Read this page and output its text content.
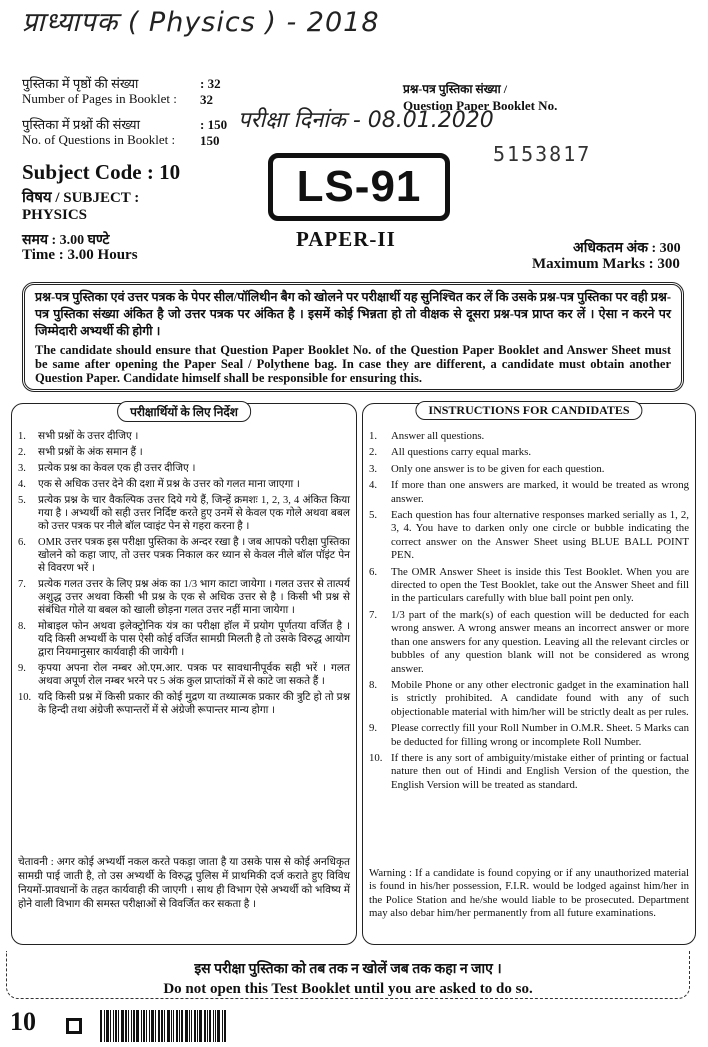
प्राध्यापक ( Physics ) - 2018
पुस्तिका में पृष्ठों की संख्या	: 32
Number of Pages in Booklet :	32
पुस्तिका में प्रश्नों की संख्या	: 150
No. of Questions in Booklet :	150
Subject Code : 10
विषय / SUBJECT :
PHYSICS
समय : 3.00 घण्टे
Time : 3.00 Hours
प्रश्न-पत्र पुस्तिका संख्या /
Question Paper Booklet No.
परीक्षा दिनांक - 08.01.2020
5153817
LS-91
PAPER-II	अधिकतम अंक : 300
Maximum Marks : 300
प्रश्न-पत्र पुस्तिका एवं उत्तर पत्रक के पेपर सील/पॉलिथीन बैग को खोलने पर परीक्षार्थी यह सुनिश्चित कर लें कि उसके प्रश्न-पत्र पुस्तिका पर वही प्रश्न-पत्र पुस्तिका संख्या अंकित है जो उत्तर पत्रक पर अंकित है । इसमें कोई भिन्नता हो तो वीक्षक से दूसरा प्रश्न-पत्र प्राप्त कर लें । ऐसा न करने पर जिम्मेदारी अभ्यर्थी की होगी ।
The candidate should ensure that Question Paper Booklet No. of the Question Paper Booklet and Answer Sheet must be same after opening the Paper Seal / Polythene bag. In case they are different, a candidate must obtain another Question Paper. Candidate himself shall be responsible for ensuring this.
परीक्षार्थियों के लिए निर्देश
1. सभी प्रश्नों के उत्तर दीजिए ।
2. सभी प्रश्नों के अंक समान हैं ।
3. प्रत्येक प्रश्न का केवल एक ही उत्तर दीजिए ।
4. एक से अधिक उत्तर देने की दशा में प्रश्न के उत्तर को गलत माना जाएगा ।
5. प्रत्येक प्रश्न के चार वैकल्पिक उत्तर दिये गये हैं, जिन्हें क्रमशः 1, 2, 3, 4 अंकित किया गया है । अभ्यर्थी को सही उत्तर निर्दिष्ट करते हुए उनमें से केवल एक गोले अथवा बबल को उत्तर पत्रक पर नीले बॉल प्वाइंट पेन से गहरा करना है ।
6. OMR उत्तर पत्रक इस परीक्षा पुस्तिका के अन्दर रखा है । जब आपको परीक्षा पुस्तिका खोलने को कहा जाए, तो उत्तर पत्रक निकाल कर ध्यान से केवल नीले बॉल पॉइंट पेन से विवरण भरें ।
7. प्रत्येक गलत उत्तर के लिए प्रश्न अंक का 1/3 भाग काटा जायेगा । गलत उत्तर से तात्पर्य अशुद्ध उत्तर अथवा किसी भी प्रश्न के एक से अधिक उत्तर से है । किसी भी प्रश्न से संबंधित गोले या बबल को खाली छोड़ना गलत उत्तर नहीं माना जायेगा ।
8. मोबाइल फोन अथवा इलेक्ट्रोनिक यंत्र का परीक्षा हॉल में प्रयोग पूर्णतया वर्जित है । यदि किसी अभ्यर्थी के पास ऐसी कोई वर्जित सामग्री मिलती है तो उसके विरुद्ध आयोग द्वारा नियमानुसार कार्यवाही की जायेगी ।
9. कृपया अपना रोल नम्बर ओ.एम.आर. पत्रक पर सावधानीपूर्वक सही भरें । गलत अथवा अपूर्ण रोल नम्बर भरने पर 5 अंक कुल प्राप्तांकों में से काटे जा सकते हैं ।
10. यदि किसी प्रश्न में किसी प्रकार की कोई मुद्रण या तथ्यात्मक प्रकार की त्रुटि हो तो प्रश्न के हिन्दी तथा अंग्रेजी रूपान्तरों में से अंग्रेजी रूपान्तर मान्य होगा ।
चेतावनी : अगर कोई अभ्यर्थी नकल करते पकड़ा जाता है या उसके पास से कोई अनधिकृत सामग्री पाई जाती है, तो उस अभ्यर्थी के विरुद्ध पुलिस में प्राथमिकी दर्ज कराते हुए विविध नियमों-प्रावधानों के तहत कार्यवाही की जाएगी । साथ ही विभाग ऐसे अभ्यर्थी को भविष्य में होने वाली विभाग की समस्त परीक्षाओं से विवर्जित कर सकता है ।
INSTRUCTIONS FOR CANDIDATES
1. Answer all questions.
2. All questions carry equal marks.
3. Only one answer is to be given for each question.
4. If more than one answers are marked, it would be treated as wrong answer.
5. Each question has four alternative responses marked serially as 1, 2, 3, 4. You have to darken only one circle or bubble indicating the correct answer on the Answer Sheet using BLUE BALL POINT PEN.
6. The OMR Answer Sheet is inside this Test Booklet. When you are directed to open the Test Booklet, take out the Answer Sheet and fill in the particulars carefully with blue ball point pen only.
7. 1/3 part of the mark(s) of each question will be deducted for each wrong answer. A wrong answer means an incorrect answer or more than one answers for any question. Leaving all the relevant circles or bubbles of any question blank will not be considered as wrong answer.
8. Mobile Phone or any other electronic gadget in the examination hall is strictly prohibited. A candidate found with any of such objectionable material with him/her will be strictly dealt as per rules.
9. Please correctly fill your Roll Number in O.M.R. Sheet. 5 Marks can be deducted for filling wrong or incomplete Roll Number.
10. If there is any sort of ambiguity/mistake either of printing or factual nature then out of Hindi and English Version of the question, the English Version will be treated as standard.
Warning : If a candidate is found copying or if any unauthorized material is found in his/her possession, F.I.R. would be lodged against him/her in the Police Station and he/she would liable to be prosecuted. Department may also debar him/her permanently from all future examinations.
इस परीक्षा पुस्तिका को तब तक न खोलें जब तक कहा न जाए ।
Do not open this Test Booklet until you are asked to do so.
10
